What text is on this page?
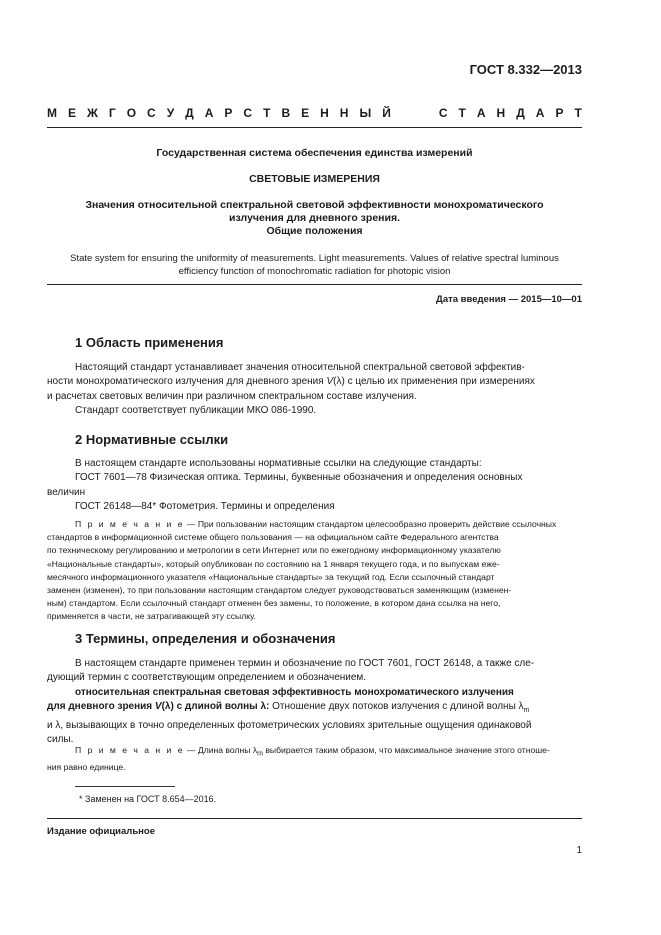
ГОСТ 8.332—2013
М Е Ж Г О С У Д А Р С Т В Е Н Н Ы Й	С Т А Н Д А Р Т
Государственная система обеспечения единства измерений
СВЕТОВЫЕ ИЗМЕРЕНИЯ
Значения относительной спектральной световой эффективности монохроматического
излучения для дневного зрения.
Общие положения
State system for ensuring the uniformity of measurements. Light measurements. Values of relative spectral luminous
efficiency function of monochromatic radiation for photopic vision
Дата введения — 2015—10—01
1 Область применения
Настоящий стандарт устанавливает значения относительной спектральной световой эффектив-
ности монохроматического излучения для дневного зрения V(λ) с целью их применения при измерениях
и расчетах световых величин при различном спектральном составе излучения.
Стандарт соответствует публикации МКО 086-1990.
2 Нормативные ссылки
В настоящем стандарте использованы нормативные ссылки на следующие стандарты:
ГОСТ 7601—78 Физическая оптика. Термины, буквенные обозначения и определения основных
величин
ГОСТ 26148—84* Фотометрия. Термины и определения
П р и м е ч а н и е — При пользовании настоящим стандартом целесообразно проверить действие ссылочных
стандартов в информационной системе общего пользования — на официальном сайте Федерального агентства
по техническому регулированию и метрологии в сети Интернет или по ежегодному информационному указателю
«Национальные стандарты», который опубликован по состоянию на 1 января текущего года, и по выпускам еже-
месячного информационного указателя «Национальные стандарты» за текущий год. Если ссылочный стандарт
заменен (изменен), то при пользовании настоящим стандартом следует руководствоваться заменяющим (изменен-
ным) стандартом. Если ссылочный стандарт отменен без замены, то положение, в котором дана ссылка на него,
применяется в части, не затрагивающей эту ссылку.
3 Термины, определения и обозначения
В настоящем стандарте применен термин и обозначение по ГОСТ 7601, ГОСТ 26148, а также сле-
дующий термин с соответствующим определением и обозначением.
относительная спектральная световая эффективность монохроматического излучения
для дневного зрения V(λ) с длиной волны λ: Отношение двух потоков излучения с длиной волны $\lambda_m$
и λ, вызывающих в точно определенных фотометрических условиях зрительные ощущения одинаковой
силы.
П р и м е ч а н и е — Длина волны $\lambda_m$ выбирается таким образом, что максимальное значение этого отноше-
ния равно единице.
* Заменен на ГОСТ 8.654—2016.
Издание официальное
1
